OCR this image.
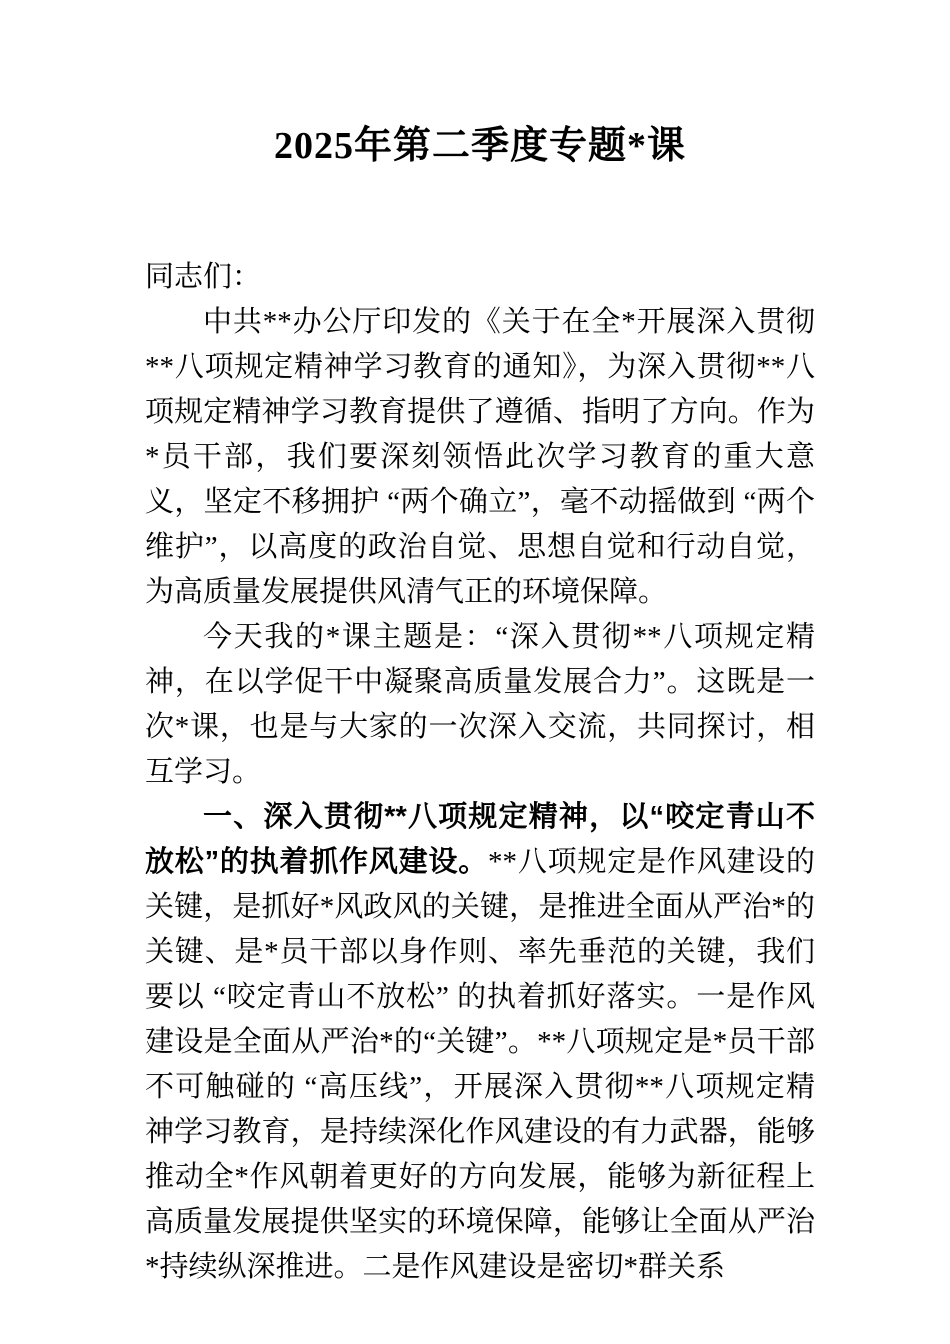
2025年第二季度专题*课

同志们：

中共**办公厅印发的《关于在全*开展深入贯彻**八项规定精神学习教育的通知》，为深入贯彻**八项规定精神学习教育提供了遵循、指明了方向。作为*员干部，我们要深刻领悟此次学习教育的重大意义，坚定不移拥护 “两个确立”，毫不动摇做到 “两个维护”，以高度的政治自觉、思想自觉和行动自觉，为高质量发展提供风清气正的环境保障。

今天我的*课主题是：“深入贯彻**八项规定精神，在以学促干中凝聚高质量发展合力”。这既是一次*课，也是与大家的一次深入交流，共同探讨，相互学习。

一、深入贯彻**八项规定精神，以“咬定青山不放松”的执着抓作风建设。**八项规定是作风建设的关键，是抓好*风政风的关键，是推进全面从严治*的关键、是*员干部以身作则、率先垂范的关键，我们要以 “咬定青山不放松” 的执着抓好落实。一是作风建设是全面从严治*的“关键”。**八项规定是*员干部不可触碰的 “高压线”，开展深入贯彻**八项规定精神学习教育，是持续深化作风建设的有力武器，能够推动全*作风朝着更好的方向发展，能够为新征程上高质量发展提供坚实的环境保障，能够让全面从严治*持续纵深推进。二是作风建设是密切*群关系
